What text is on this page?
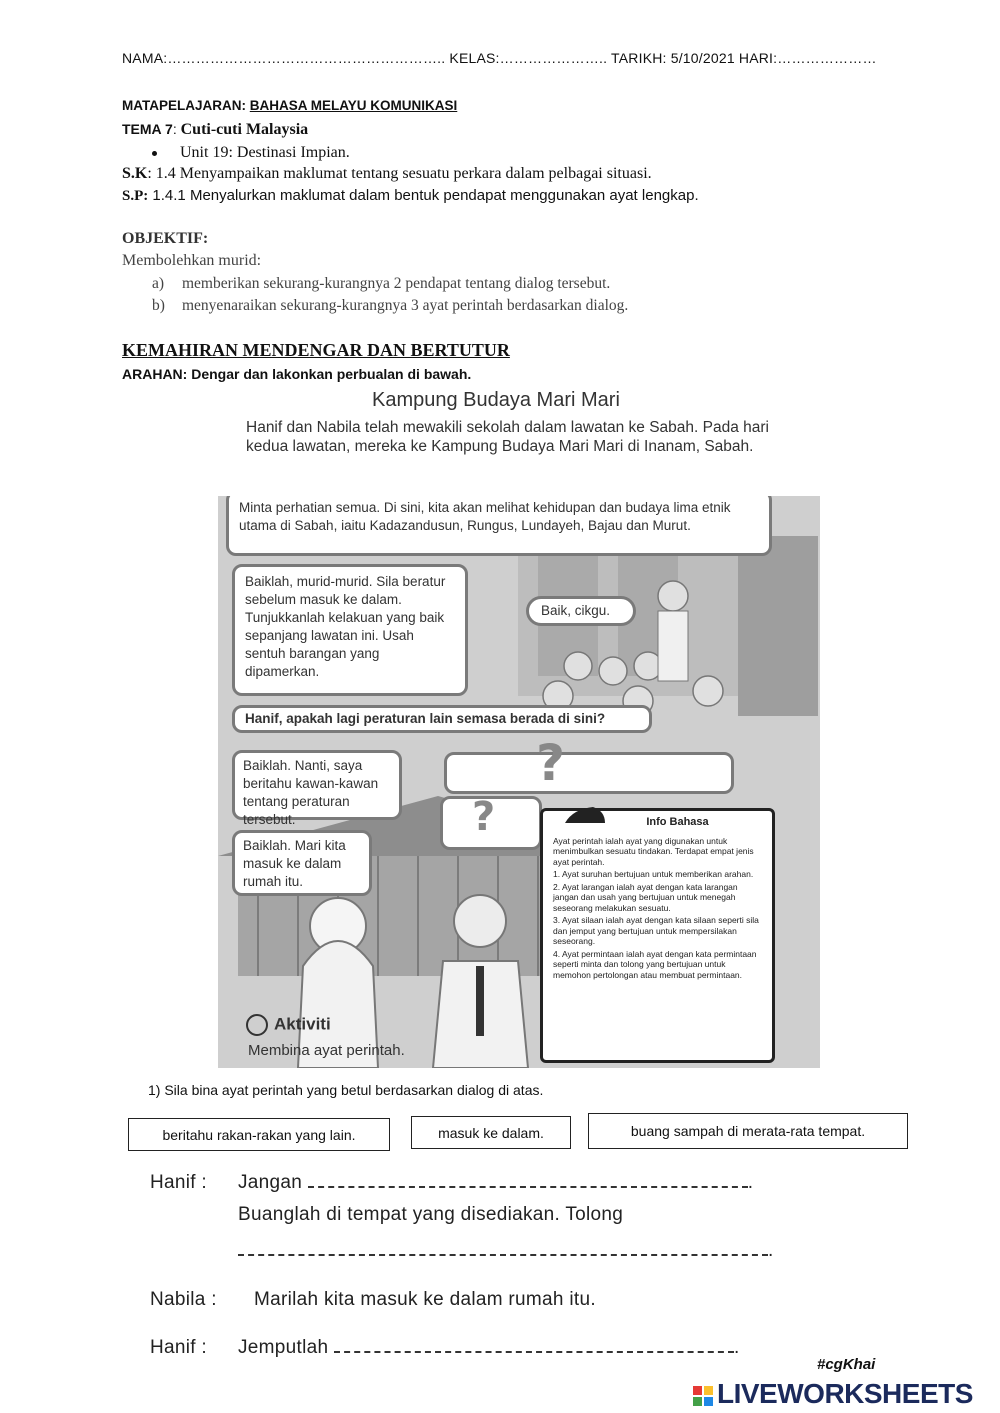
NAMA:………………………………………………….. KELAS:………………….. TARIKH: 5/10/2021 HARI:…………………
MATAPELAJARAN: BAHASA MELAYU KOMUNIKASI
TEMA 7: Cuti-cuti Malaysia
Unit 19: Destinasi Impian.
S.K: 1.4 Menyampaikan maklumat tentang sesuatu perkara dalam pelbagai situasi.
S.P: 1.4.1 Menyalurkan maklumat dalam bentuk pendapat menggunakan ayat lengkap.
OBJEKTIF:
Membolehkan murid:
a) memberikan sekurang-kurangnya 2 pendapat tentang dialog tersebut.
b) menyenaraikan sekurang-kurangnya 3 ayat perintah berdasarkan dialog.
KEMAHIRAN MENDENGAR DAN BERTUTUR
ARAHAN: Dengar dan lakonkan perbualan di bawah.
Kampung Budaya Mari Mari
Hanif dan Nabila telah mewakili sekolah dalam lawatan ke Sabah. Pada hari kedua lawatan, mereka ke Kampung Budaya Mari Mari di Inanam, Sabah.
Minta perhatian semua. Di sini, kita akan melihat kehidupan dan budaya lima etnik utama di Sabah, iaitu Kadazandusun, Rungus, Lundayeh, Bajau dan Murut.
Baiklah, murid-murid. Sila beratur sebelum masuk ke dalam. Tunjukkanlah kelakuan yang baik sepanjang lawatan ini. Usah sentuh barangan yang dipamerkan.
Baik, cikgu.
Hanif, apakah lagi peraturan lain semasa berada di sini?
Baiklah. Nanti, saya beritahu kawan-kawan tentang peraturan tersebut.
?
Baiklah. Mari kita masuk ke dalam rumah itu.
?	Info Bahasa
Ayat perintah ialah ayat yang digunakan untuk menimbulkan sesuatu tindakan. Terdapat empat jenis ayat perintah.
1. Ayat suruhan bertujuan untuk memberikan arahan.
2. Ayat larangan ialah ayat dengan kata larangan jangan dan usah yang bertujuan untuk menegah seseorang melakukan sesuatu.
3. Ayat silaan ialah ayat dengan kata silaan seperti sila dan jemput yang bertujuan untuk mempersilakan seseorang.
4. Ayat permintaan ialah ayat dengan kata permintaan seperti minta dan tolong yang bertujuan untuk memohon pertolongan atau membuat permintaan.
Aktiviti
Membina ayat perintah.
1) Sila bina ayat perintah yang betul berdasarkan dialog di atas.
beritahu rakan-rakan yang lain.	masuk ke dalam.	buang sampah di merata-rata tempat.
Hanif : Jangan	.
Buanglah di tempat yang disediakan. Tolong
.
Nabila : Marilah kita masuk ke dalam rumah itu.
Hanif : Jemputlah	.
#cgKhai
LIVEWORKSHEETS
